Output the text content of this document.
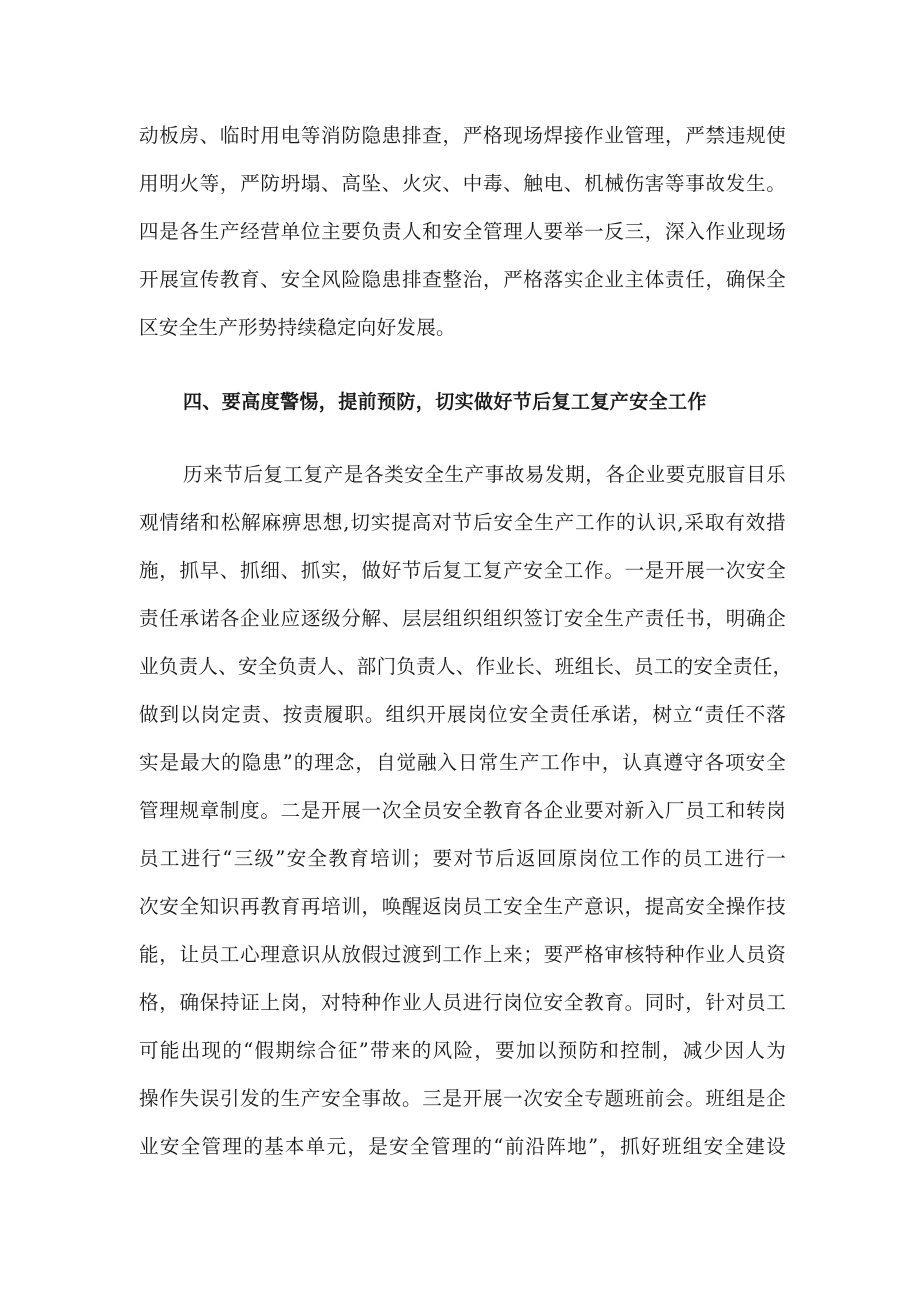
动板房、临时用电等消防隐患排查，严格现场焊接作业管理，严禁违规使
用明火等，严防坍塌、高坠、火灾、中毒、触电、机械伤害等事故发生。
四是各生产经营单位主要负责人和安全管理人要举一反三，深入作业现场
开展宣传教育、安全风险隐患排查整治，严格落实企业主体责任，确保全
区安全生产形势持续稳定向好发展。
四、要高度警惕，提前预防，切实做好节后复工复产安全工作
历来节后复工复产是各类安全生产事故易发期，各企业要克服盲目乐
观情绪和松解麻痹思想,切实提高对节后安全生产工作的认识,采取有效措
施，抓早、抓细、抓实，做好节后复工复产安全工作。一是开展一次安全
责任承诺各企业应逐级分解、层层组织组织签订安全生产责任书，明确企
业负责人、安全负责人、部门负责人、作业长、班组长、员工的安全责任，
做到以岗定责、按责履职。组织开展岗位安全责任承诺，树立“责任不落
实是最大的隐患”的理念，自觉融入日常生产工作中，认真遵守各项安全
管理规章制度。二是开展一次全员安全教育各企业要对新入厂员工和转岗
员工进行“三级”安全教育培训；要对节后返回原岗位工作的员工进行一
次安全知识再教育再培训，唤醒返岗员工安全生产意识，提高安全操作技
能，让员工心理意识从放假过渡到工作上来；要严格审核特种作业人员资
格，确保持证上岗，对特种作业人员进行岗位安全教育。同时，针对员工
可能出现的“假期综合征”带来的风险，要加以预防和控制，减少因人为
操作失误引发的生产安全事故。三是开展一次安全专题班前会。班组是企
业安全管理的基本单元，是安全管理的“前沿阵地”，抓好班组安全建设
